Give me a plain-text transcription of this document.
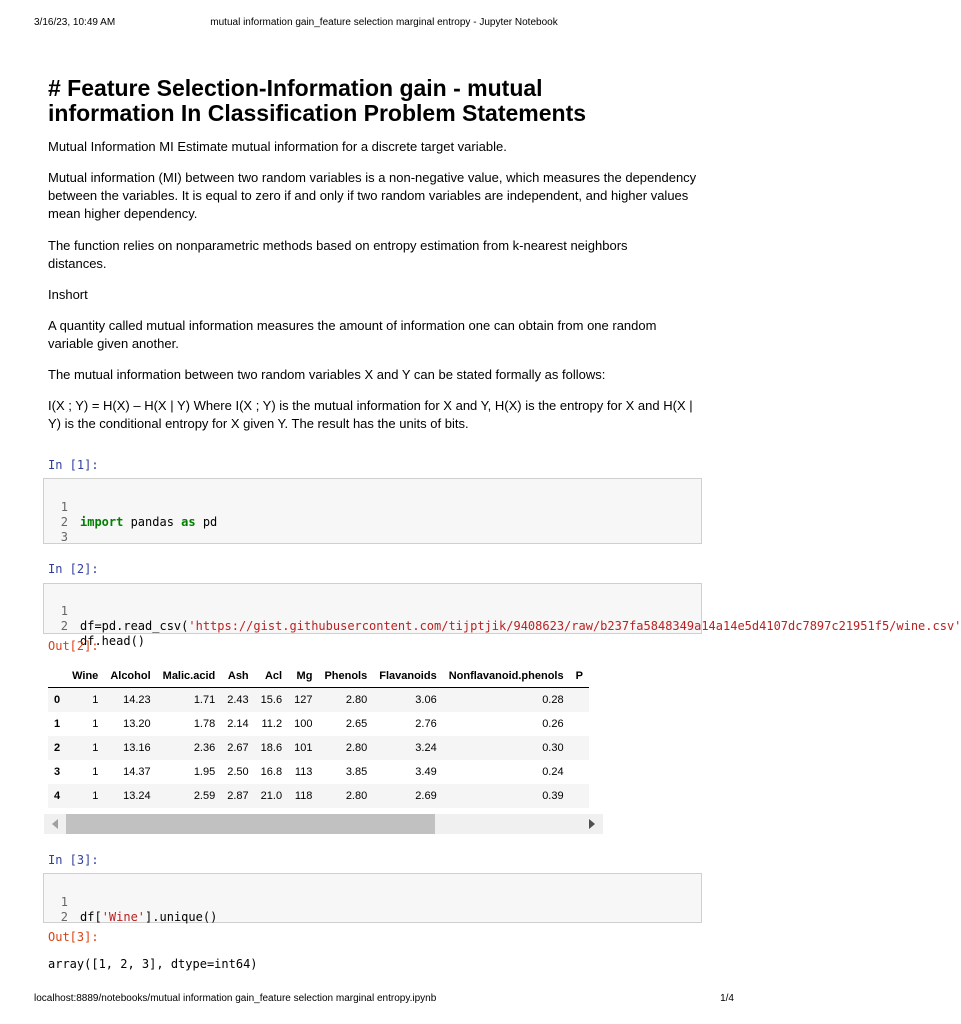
3/16/23, 10:49 AM	mutual information gain_feature selection marginal entropy - Jupyter Notebook
# Feature Selection-Information gain - mutual information In Classification Problem Statements

Mutual Information MI Estimate mutual information for a discrete target variable.

Mutual information (MI) between two random variables is a non-negative value, which measures the dependency between the variables. It is equal to zero if and only if two random variables are independent, and higher values mean higher dependency.

The function relies on nonparametric methods based on entropy estimation from k-nearest neighbors distances.

Inshort

A quantity called mutual information measures the amount of information one can obtain from one random variable given another.

The mutual information between two random variables X and Y can be stated formally as follows:

I(X ; Y) = H(X) – H(X | Y) Where I(X ; Y) is the mutual information for X and Y, H(X) is the entropy for X and H(X | Y) is the conditional entropy for X given Y. The result has the units of bits.

In [1]:

1

import pandas as pd

2

3

In [2]:

1

df=pd.read_csv('https://gist.githubusercontent.com/tijptjik/9408623/raw/b237fa5848349a14a14e5d4107dc7897c21951f5/wine.csv'

2

df.head()

Out[2]:
	Wine	Alcohol	Malic.acid	Ash	Acl	Mg	Phenols	Flavanoids	Nonflavanoid.phenols	P
0	1	14.23	1.71	2.43	15.6	127	2.80	3.06	0.28	
1	1	13.20	1.78	2.14	11.2	100	2.65	2.76	0.26	
2	1	13.16	2.36	2.67	18.6	101	2.80	3.24	0.30	
3	1	14.37	1.95	2.50	16.8	113	3.85	3.49	0.24	
4	1	13.24	2.59	2.87	21.0	118	2.80	2.69	0.39	
In [3]:

1

df['Wine'].unique()

2

Out[3]:
array([1, 2, 3], dtype=int64)
localhost:8889/notebooks/mutual information gain_feature selection marginal entropy.ipynb	1/4
